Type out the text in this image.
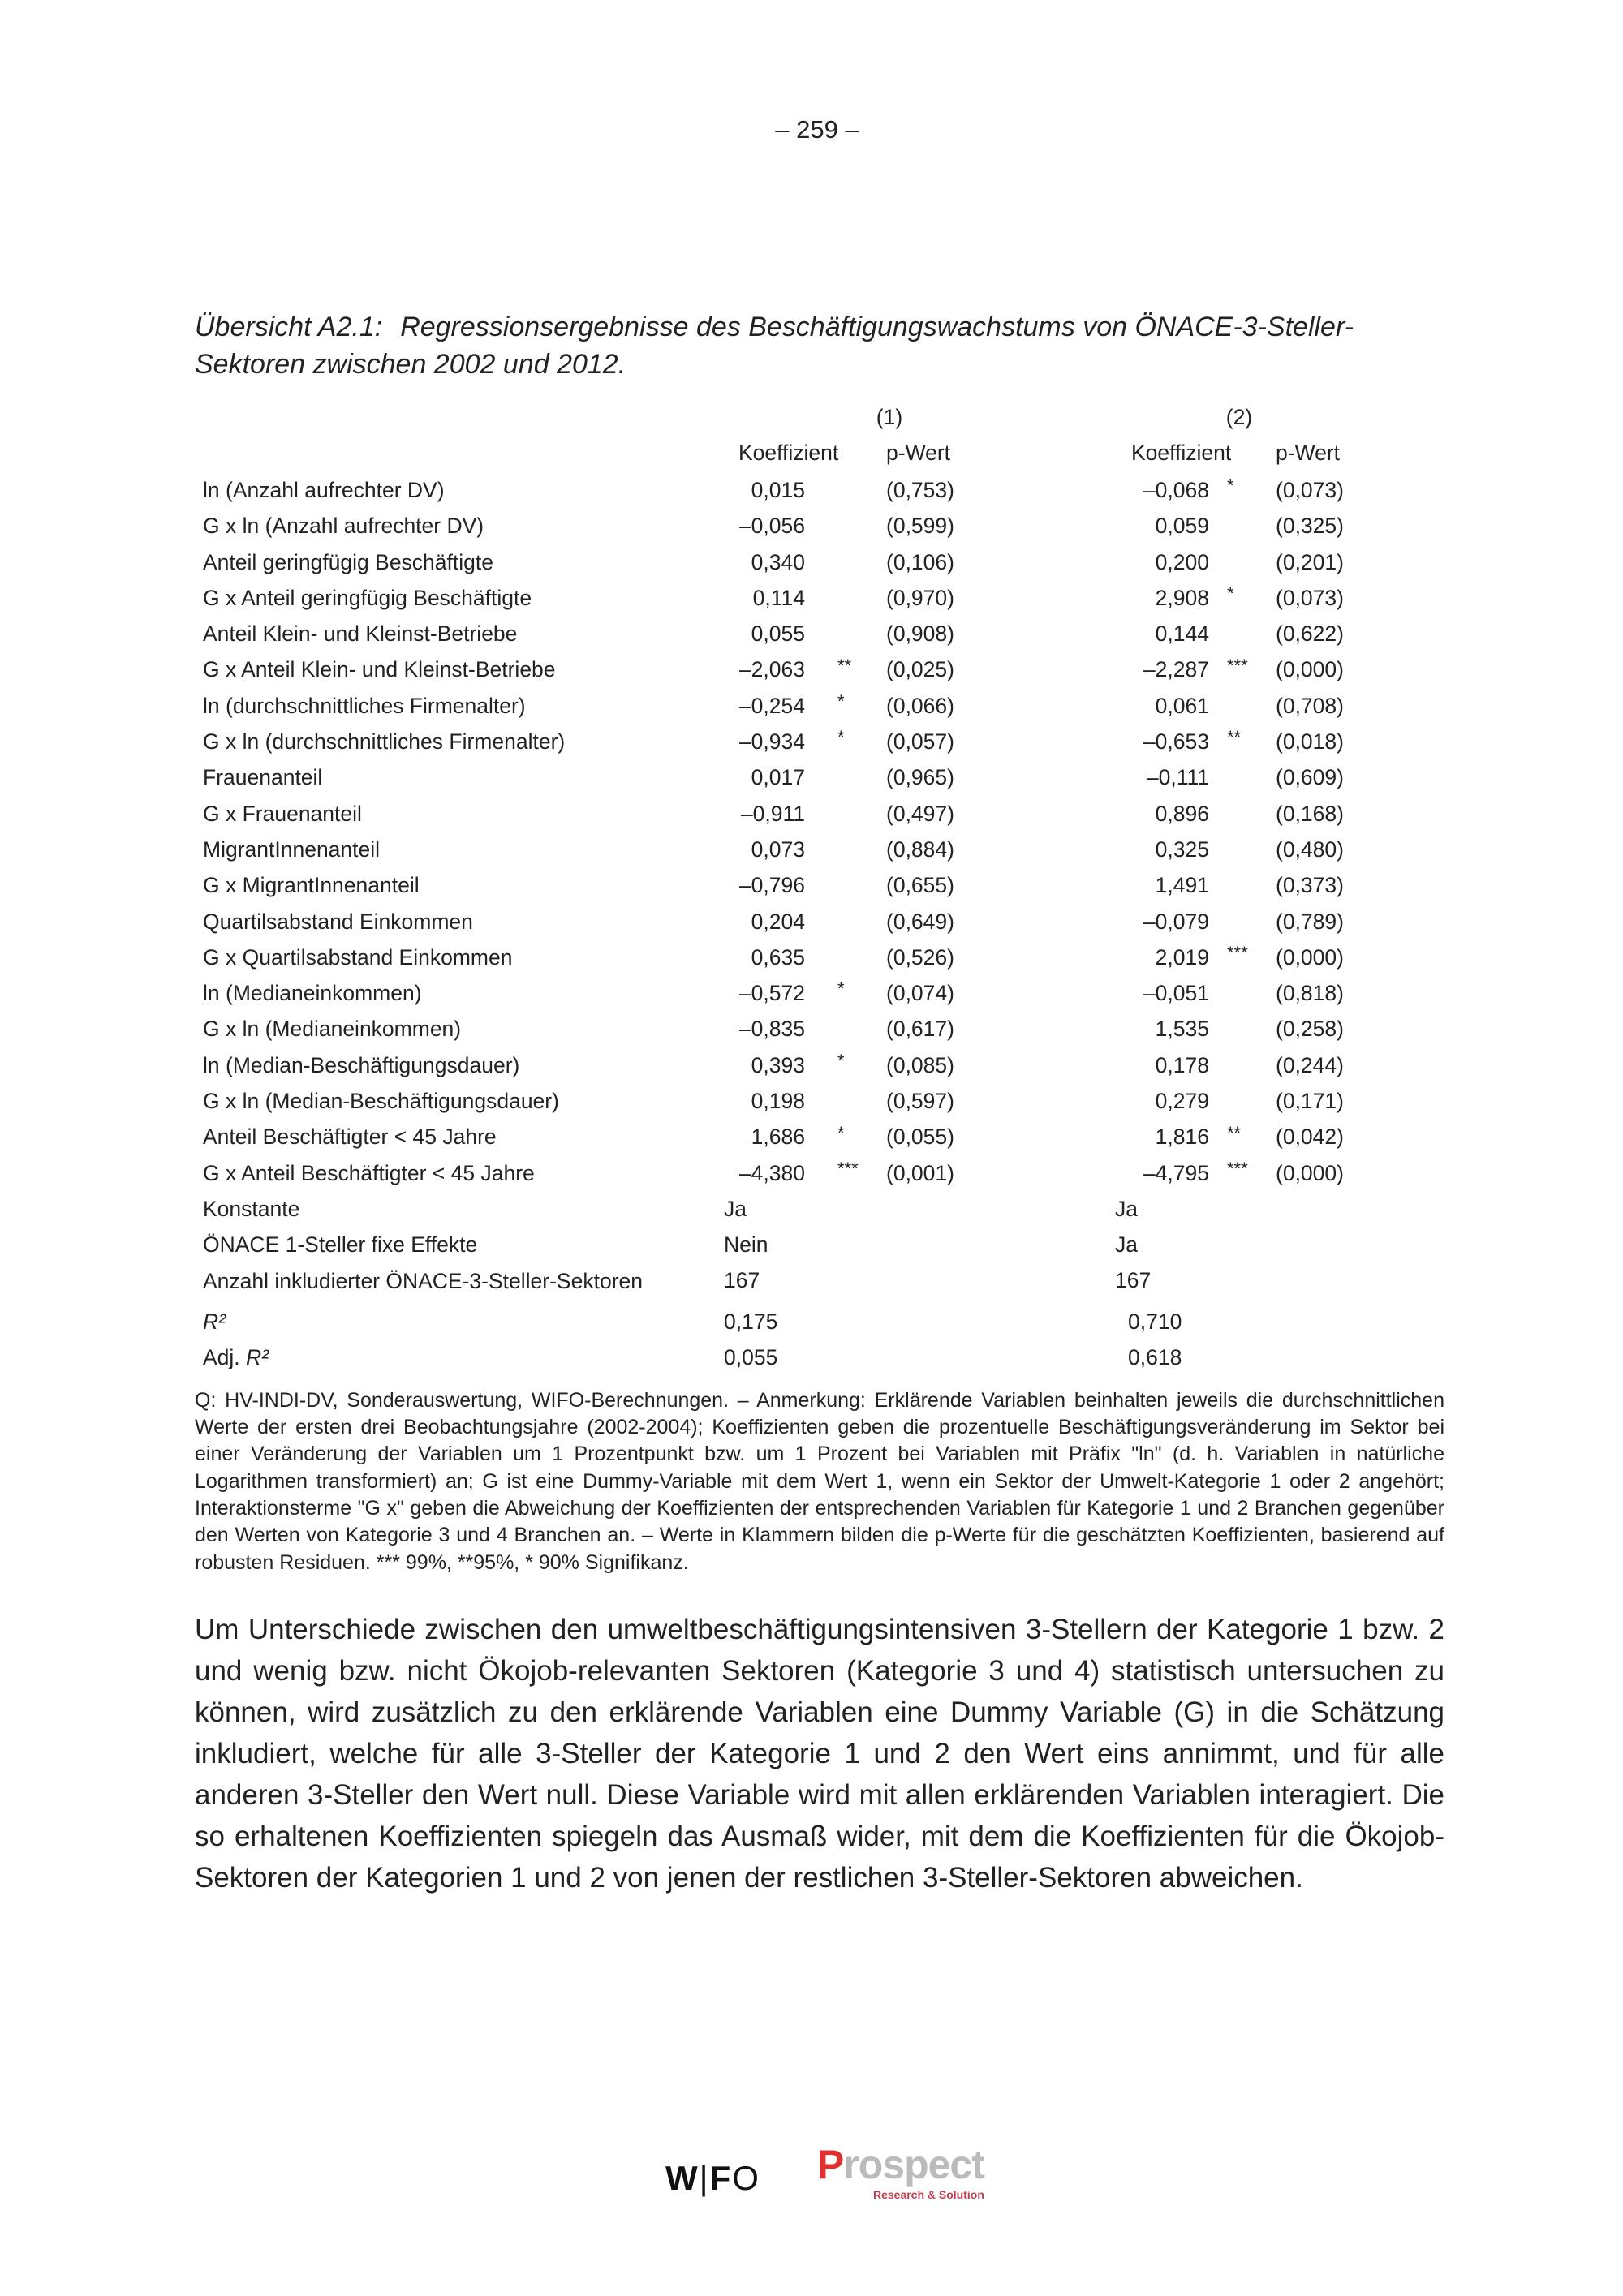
– 259 –
Übersicht A2.1: Regressionsergebnisse des Beschäftigungswachstums von ÖNACE-3-Steller-Sektoren zwischen 2002 und 2012.
	(1)				(2)		
	Koeffizient		p-Wert		Koeffizient		p-Wert
ln (Anzahl aufrechter DV)	0,015		(0,753)		–0,068	*	(0,073)
G x ln (Anzahl aufrechter DV)	–0,056		(0,599)		0,059		(0,325)
Anteil geringfügig Beschäftigte	0,340		(0,106)		0,200		(0,201)
G x Anteil geringfügig Beschäftigte	0,114		(0,970)		2,908	*	(0,073)
Anteil Klein- und Kleinst-Betriebe	0,055		(0,908)		0,144		(0,622)
G x Anteil Klein- und Kleinst-Betriebe	–2,063	**	(0,025)		–2,287	***	(0,000)
ln (durchschnittliches Firmenalter)	–0,254	*	(0,066)		0,061		(0,708)
G x ln (durchschnittliches Firmenalter)	–0,934	*	(0,057)		–0,653	**	(0,018)
Frauenanteil	0,017		(0,965)		–0,111		(0,609)
G x Frauenanteil	–0,911		(0,497)		0,896		(0,168)
MigrantInnenanteil	0,073		(0,884)		0,325		(0,480)
G x MigrantInnenanteil	–0,796		(0,655)		1,491		(0,373)
Quartilsabstand Einkommen	0,204		(0,649)		–0,079		(0,789)
G x Quartilsabstand Einkommen	0,635		(0,526)		2,019	***	(0,000)
ln (Medianeinkommen)	–0,572	*	(0,074)		–0,051		(0,818)
G x ln (Medianeinkommen)	–0,835		(0,617)		1,535		(0,258)
ln (Median-Beschäftigungsdauer)	0,393	*	(0,085)		0,178		(0,244)
G x ln (Median-Beschäftigungsdauer)	0,198		(0,597)		0,279		(0,171)
Anteil Beschäftigter < 45 Jahre	1,686	*	(0,055)		1,816	**	(0,042)
G x Anteil Beschäftigter < 45 Jahre	–4,380	***	(0,001)		–4,795	***	(0,000)
Konstante	Ja				Ja		
ÖNACE 1-Steller fixe Effekte	Nein				Ja		
Anzahl inkludierter ÖNACE-3-Steller-Sektoren	167				167		
R²	0,175				0,710		
Adj. R²	0,055				0,618		
Q: HV-INDI-DV, Sonderauswertung, WIFO-Berechnungen. – Anmerkung: Erklärende Variablen beinhalten jeweils die durchschnittlichen Werte der ersten drei Beobachtungsjahre (2002-2004); Koeffizienten geben die prozentuelle Beschäftigungsveränderung im Sektor bei einer Veränderung der Variablen um 1 Prozentpunkt bzw. um 1 Prozent bei Variablen mit Präfix "ln" (d. h. Variablen in natürliche Logarithmen transformiert) an; G ist eine Dummy-Variable mit dem Wert 1, wenn ein Sektor der Umwelt-Kategorie 1 oder 2 angehört; Interaktionsterme "G x" geben die Abweichung der Koeffizienten der entsprechenden Variablen für Kategorie 1 und 2 Branchen gegenüber den Werten von Kategorie 3 und 4 Branchen an. – Werte in Klammern bilden die p-Werte für die geschätzten Koeffizienten, basierend auf robusten Residuen. *** 99%, **95%, * 90% Signifikanz.
Um Unterschiede zwischen den umweltbeschäftigungsintensiven 3-Stellern der Kategorie 1 bzw. 2 und wenig bzw. nicht Ökojob-relevanten Sektoren (Kategorie 3 und 4) statistisch untersuchen zu können, wird zusätzlich zu den erklärende Variablen eine Dummy Variable (G) in die Schätzung inkludiert, welche für alle 3-Steller der Kategorie 1 und 2 den Wert eins annimmt, und für alle anderen 3-Steller den Wert null. Diese Variable wird mit allen erklärenden Variablen interagiert. Die so erhaltenen Koeffizienten spiegeln das Ausmaß wider, mit dem die Koeffizienten für die Ökojob-Sektoren der Kategorien 1 und 2 von jenen der restlichen 3-Steller-Sektoren abweichen.
W|FO Prospect
Research & Solution
